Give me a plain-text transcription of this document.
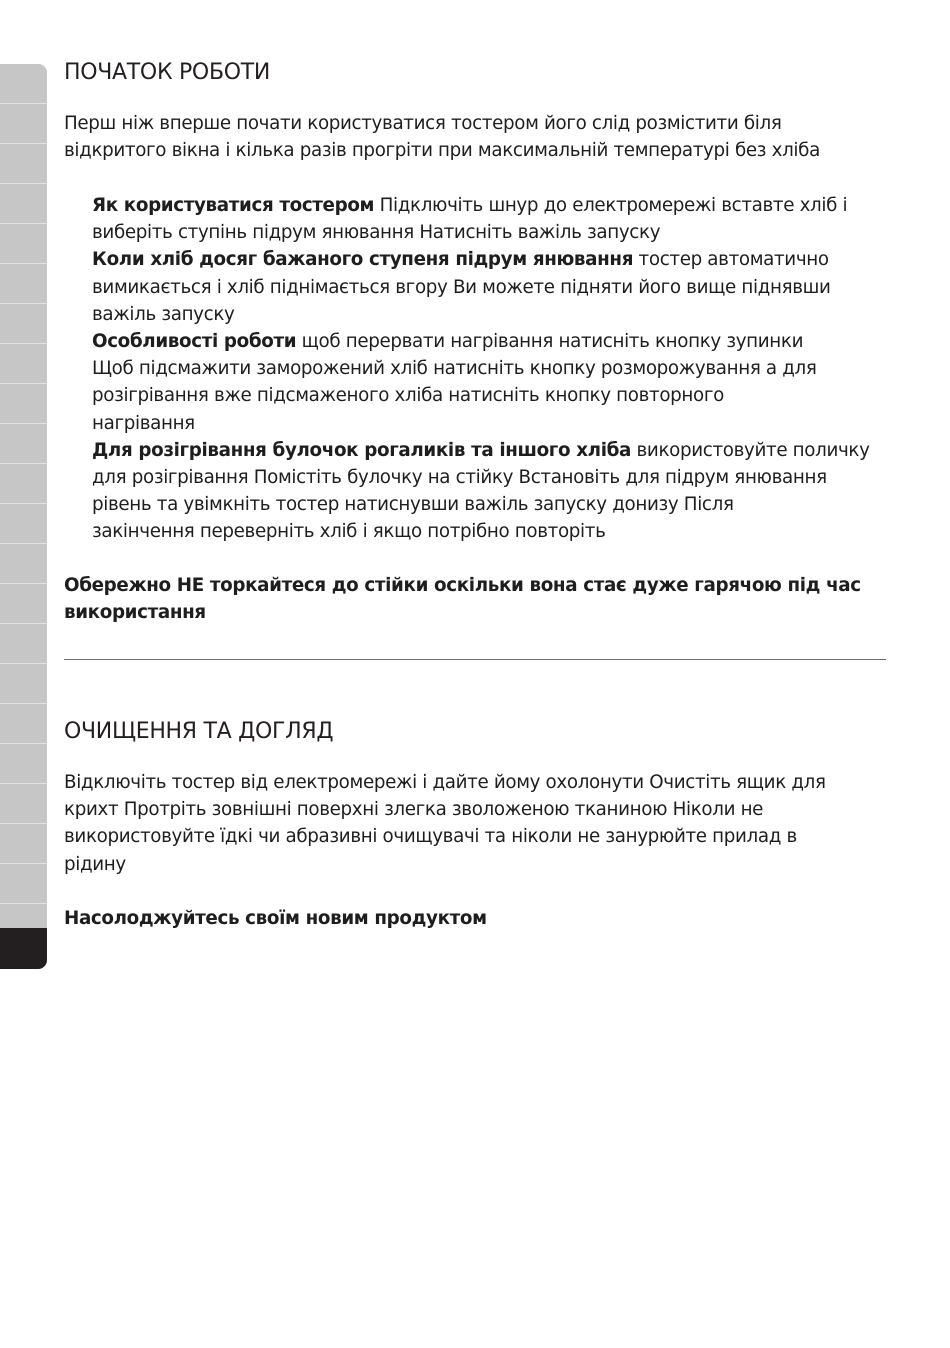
ПОЧАТОК РОБОТИ
Перш ніж вперше почати користуватися тостером його слід розмістити біля
відкритого вікна і кілька разів прогріти при максимальній температурі без хліба
Як користуватися тостером Підключіть шнур до електромережі вставте хліб і
виберіть ступінь підрум янювання Натисніть важіль запуску
Коли хліб досяг бажаного ступеня підрум янювання тостер автоматично
вимикається і хліб піднімається вгору Ви можете підняти його вище піднявши
важіль запуску
Особливості роботи щоб перервати нагрівання натисніть кнопку зупинки
Щоб підсмажити заморожений хліб натисніть кнопку розморожування а для
розігрівання вже підсмаженого хліба натисніть кнопку повторного
нагрівання
Для розігрівання булочок рогаликів та іншого хліба використовуйте поличку
для розігрівання Помістіть булочку на стійку Встановіть для підрум янювання
рівень та увімкніть тостер натиснувши важіль запуску донизу Після
закінчення переверніть хліб і якщо потрібно повторіть
Обережно НЕ торкайтеся до стійки оскільки вона стає дуже гарячою під час
використання
ОЧИЩЕННЯ ТА ДОГЛЯД
Відключіть тостер від електромережі і дайте йому охолонути Очистіть ящик для
крихт Протріть зовнішні поверхні злегка зволоженою тканиною Ніколи не
використовуйте їдкі чи абразивні очищувачі та ніколи не занурюйте прилад в
рідину
Насолоджуйтесь своїм новим продуктом
